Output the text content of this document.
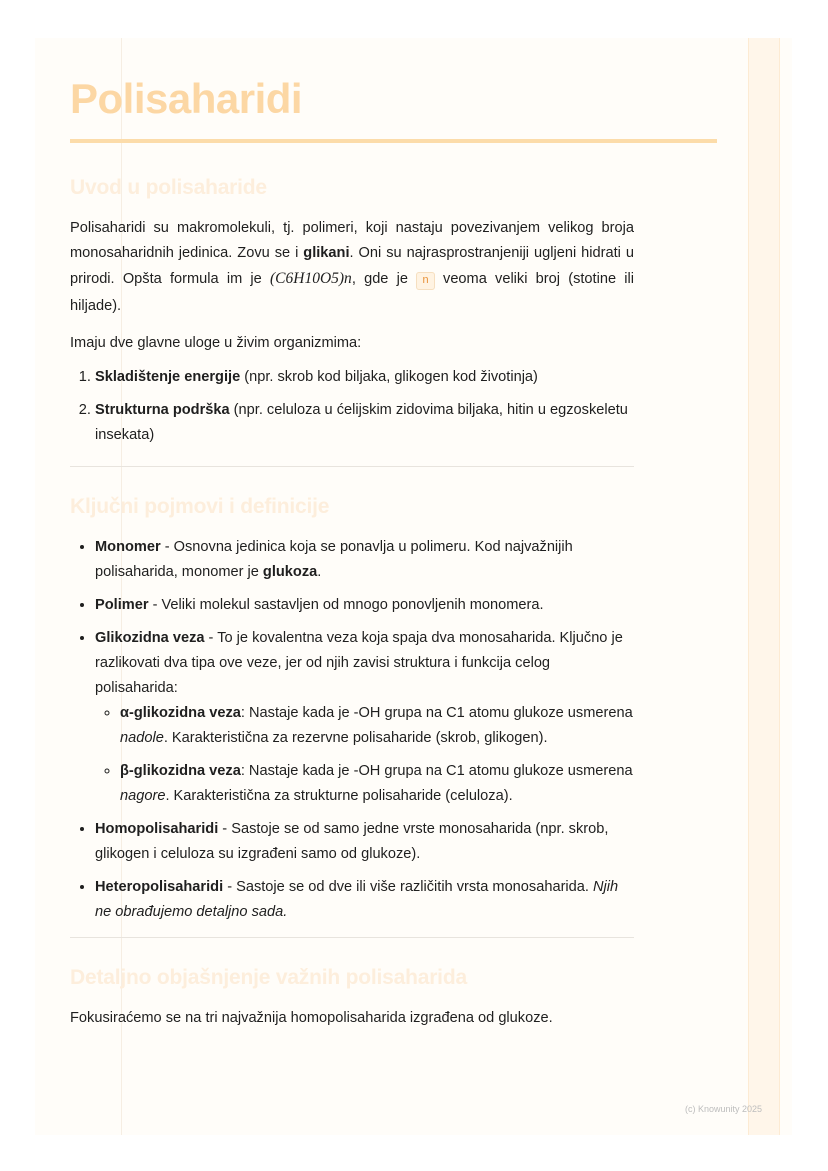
Polisaharidi
Uvod u polisaharide

Polisaharidi su makromolekuli, tj. polimeri, koji nastaju povezivanjem velikog broja monosaharidnih jedinica. Zovu se i glikani. Oni su najrasprostranjeniji ugljeni hidrati u prirodi. Opšta formula im je (C6H10O5)n, gde je n veoma veliki broj (stotine ili hiljade).

Imaju dve glavne uloge u živim organizmima:

1. Skladištenje energije (npr. skrob kod biljaka, glikogen kod životinja)
2. Strukturna podrška (npr. celuloza u ćelijskim zidovima biljaka, hitin u egzoskeletu insekata)
Ključni pojmovi i definicije
• Monomer - Osnovna jedinica koja se ponavlja u polimeru. Kod najvažnijih polisaharida, monomer je glukoza.
• Polimer - Veliki molekul sastavljen od mnogo ponovljenih monomera.
• Glikozidna veza - To je kovalentna veza koja spaja dva monosaharida. Ključno je razlikovati dva tipa ove veze, jer od njih zavisi struktura i funkcija celog polisaharida:
◦ α-glikozidna veza: Nastaje kada je -OH grupa na C1 atomu glukoze usmerena nadole. Karakteristična za rezervne polisaharide (skrob, glikogen).
◦ β-glikozidna veza: Nastaje kada je -OH grupa na C1 atomu glukoze usmerena nagore. Karakteristična za strukturne polisaharide (celuloza).
• Homopolisaharidi - Sastoje se od samo jedne vrste monosaharida (npr. skrob, glikogen i celuloza su izgrađeni samo od glukoze).
• Heteropolisaharidi - Sastoje se od dve ili više različitih vrsta monosaharida. Njih ne obrađujemo detaljno sada.
Detaljno objašnjenje važnih polisaharida

Fokusiraćemo se na tri najvažnija homopolisaharida izgrađena od glukoze.

(c) Knowunity 2025
